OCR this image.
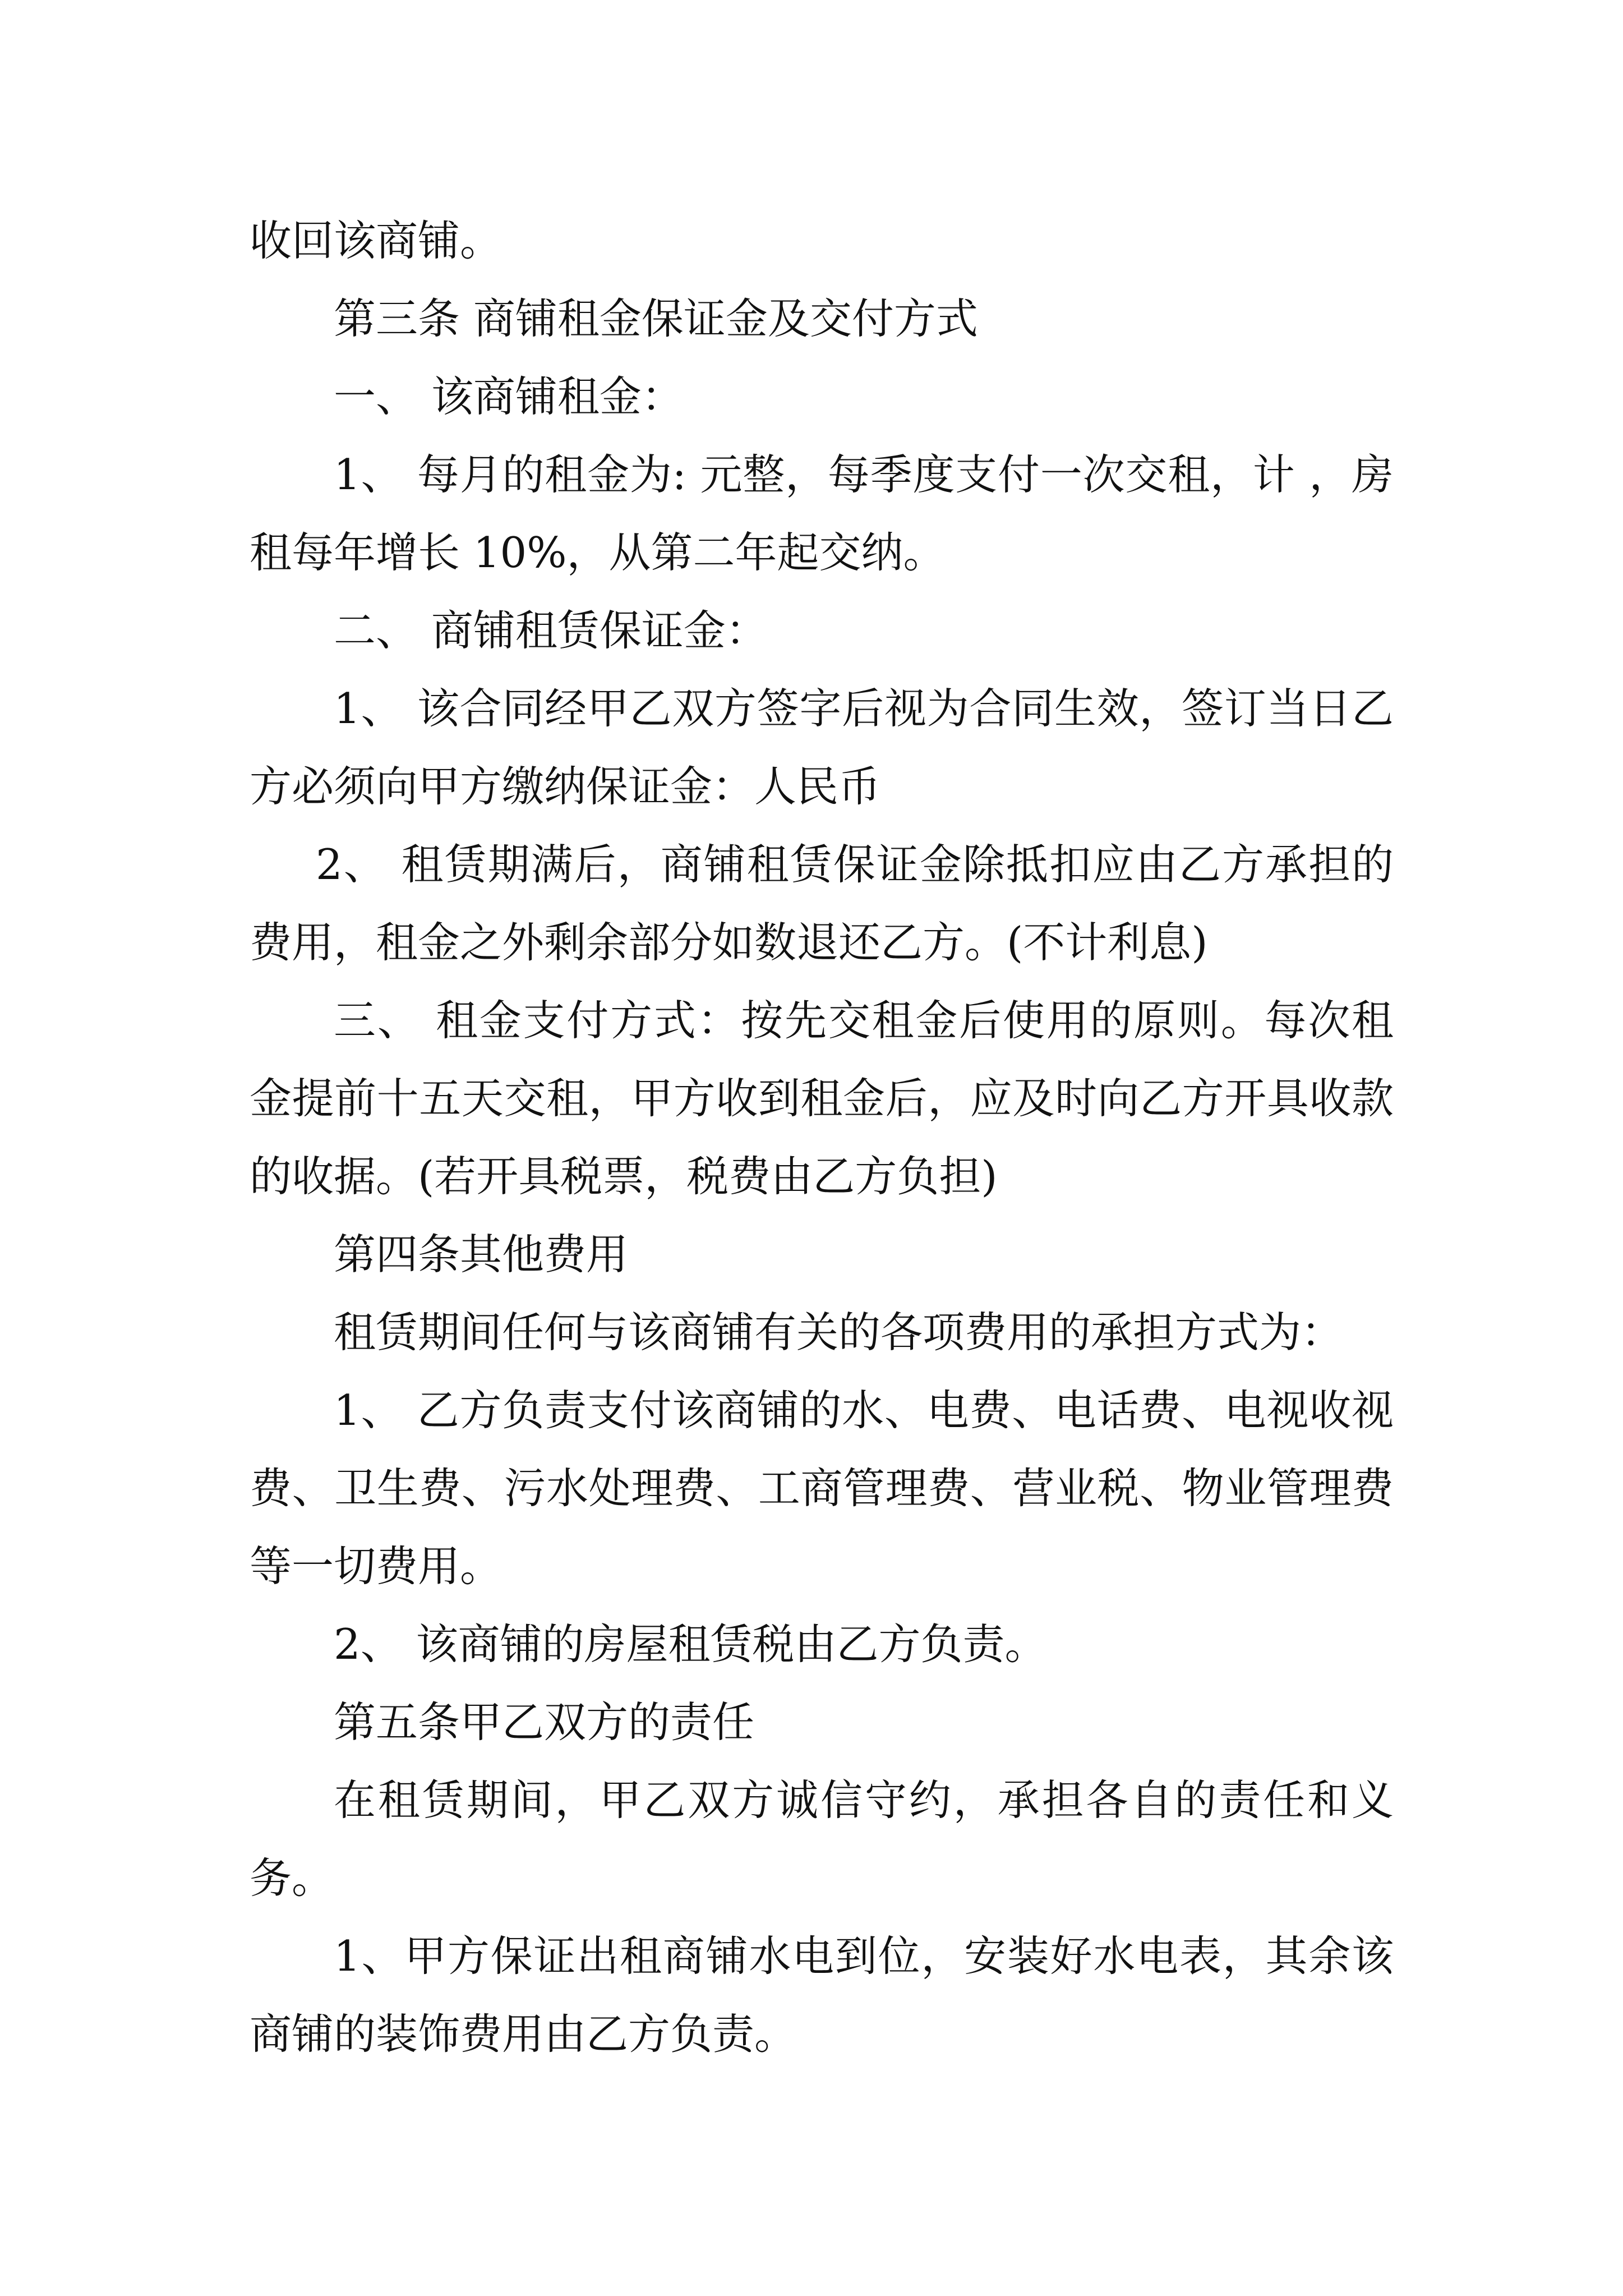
收回该商铺。

第三条 商铺租金保证金及交付方式

一、 该商铺租金：

1、 每月的租金为: 元整，每季度支付一次交租，计 ，房租每年增长 10%，从第二年起交纳。

二、 商铺租赁保证金：

1、 该合同经甲乙双方签字后视为合同生效，签订当日乙方必须向甲方缴纳保证金：人民币

2、 租赁期满后，商铺租赁保证金除抵扣应由乙方承担的费用，租金之外剩余部分如数退还乙方。(不计利息)

三、 租金支付方式：按先交租金后使用的原则。每次租金提前十五天交租，甲方收到租金后，应及时向乙方开具收款的收据。(若开具税票，税费由乙方负担)

第四条其他费用

租赁期间任何与该商铺有关的各项费用的承担方式为：

1、 乙方负责支付该商铺的水、电费、电话费、电视收视费、卫生费、污水处理费、工商管理费、营业税、物业管理费等一切费用。

2、 该商铺的房屋租赁税由乙方负责。

第五条甲乙双方的责任

在租赁期间，甲乙双方诚信守约，承担各自的责任和义务。

1、甲方保证出租商铺水电到位，安装好水电表，其余该商铺的装饰费用由乙方负责。
